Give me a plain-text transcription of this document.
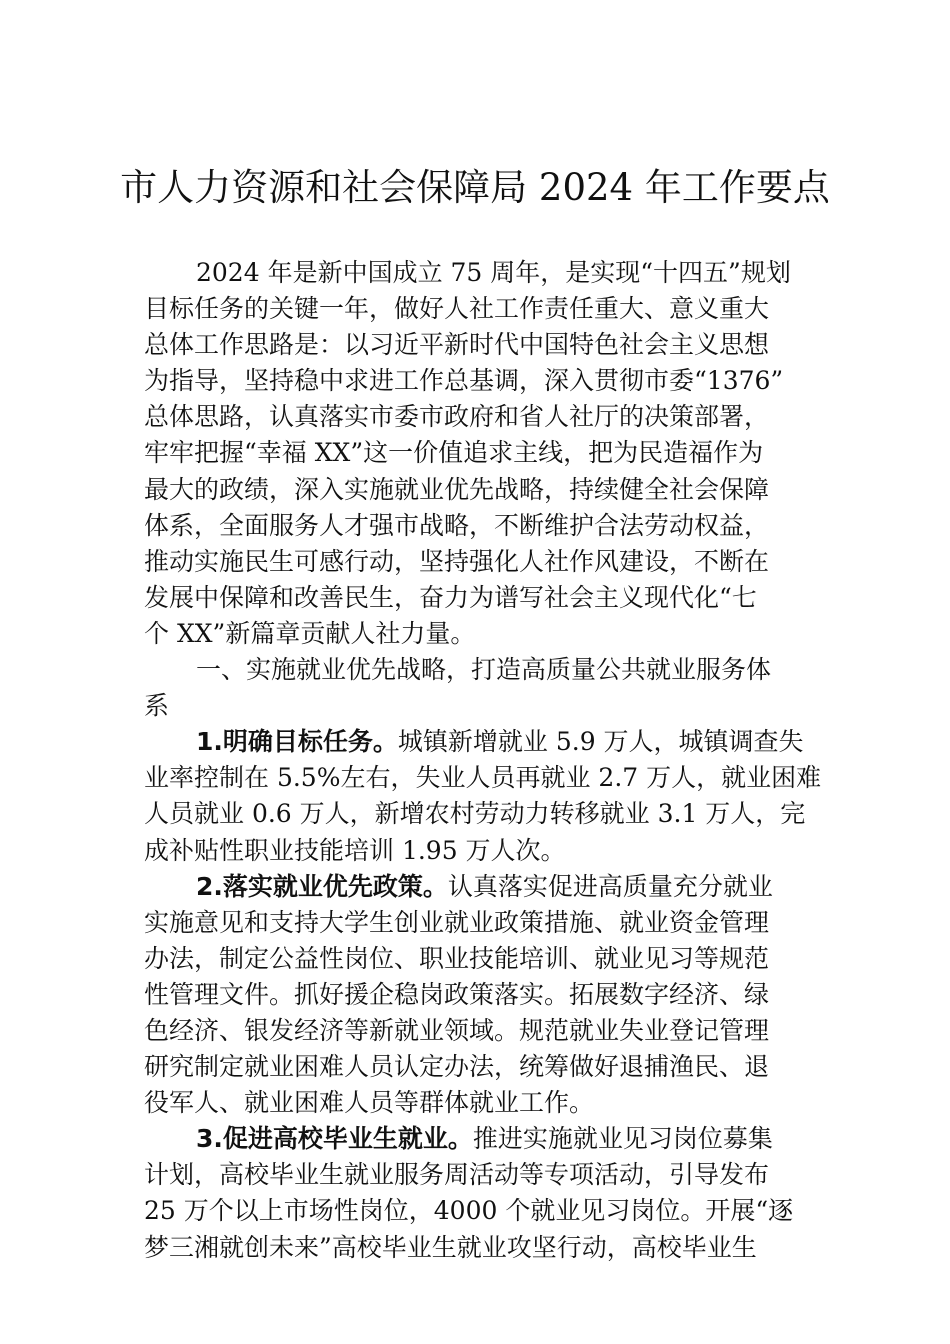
市人力资源和社会保障局 2024 年工作要点
2024 年是新中国成立 75 周年，是实现“十四五”规划
目标任务的关键一年，做好人社工作责任重大、意义重大
总体工作思路是：以习近平新时代中国特色社会主义思想
为指导，坚持稳中求进工作总基调，深入贯彻市委“1376”
总体思路，认真落实市委市政府和省人社厅的决策部署，
牢牢把握“幸福 XX”这一价值追求主线，把为民造福作为
最大的政绩，深入实施就业优先战略，持续健全社会保障
体系，全面服务人才强市战略，不断维护合法劳动权益，
推动实施民生可感行动，坚持强化人社作风建设，不断在
发展中保障和改善民生，奋力为谱写社会主义现代化“七
个 XX”新篇章贡献人社力量。
一、实施就业优先战略，打造高质量公共就业服务体
系
1.明确目标任务。城镇新增就业 5.9 万人，城镇调查失
业率控制在 5.5%左右，失业人员再就业 2.7 万人，就业困难
人员就业 0.6 万人，新增农村劳动力转移就业 3.1 万人，完
成补贴性职业技能培训 1.95 万人次。
2.落实就业优先政策。认真落实促进高质量充分就业
实施意见和支持大学生创业就业政策措施、就业资金管理
办法，制定公益性岗位、职业技能培训、就业见习等规范
性管理文件。抓好援企稳岗政策落实。拓展数字经济、绿
色经济、银发经济等新就业领域。规范就业失业登记管理
研究制定就业困难人员认定办法，统筹做好退捕渔民、退
役军人、就业困难人员等群体就业工作。
3.促进高校毕业生就业。推进实施就业见习岗位募集
计划，高校毕业生就业服务周活动等专项活动，引导发布
25 万个以上市场性岗位，4000 个就业见习岗位。开展“逐
梦三湘就创未来”高校毕业生就业攻坚行动，高校毕业生
